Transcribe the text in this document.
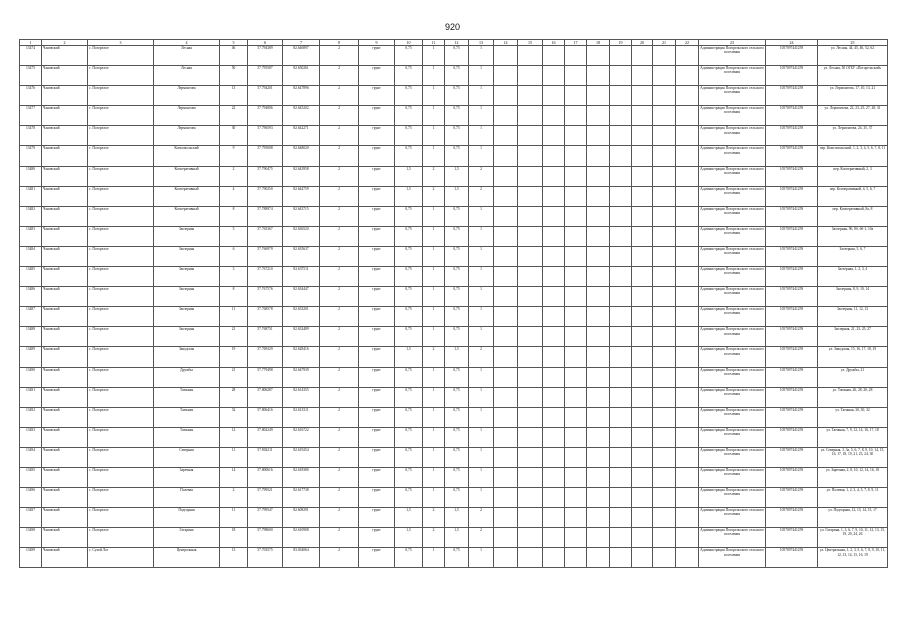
920
1	2	3	4	5	6	7	8	9	10	11	12	13	14	15	16	17	18	19	20	21	22	23	24	25
13474	Чановский	с. Погорелое	Лесная	46	57.794389	82.646897	2	грунт	0,75	1	0,75	1										Администрация Погорельского сельского поселения	1057097441259	ул. Лесная, 44, 45, 46, 52, 62
13475	Чановский	с. Погорелое	Лесная	50	57.795587	82.650261	2	грунт	0,75	1	0,75	1										Администрация Погорельского сельского поселения	1057097441259	ул. Лесная, 50 ОГБУ «Погорельский»
13476	Чановский	с. Погорелое	Лермонтова	13	57.794201	82.647896	2	грунт	0,75	1	0,75	1										Администрация Погорельского сельского поселения	1057097441259	ул. Лермонтова, 17, 10, 13, 21
13477	Чановский	с. Погорелое	Лермонтова	22	57.794806	82.645202	2	грунт	0,75	1	0,75	1										Администрация Погорельского сельского поселения	1057097441259	ул. Лермонтова, 22, 23, 25, 27, 28, 31
13478	Чановский	с. Погорелое	Лермонтова	30	57.796593	82.642271	2	грунт	0,75	1	0,75	1										Администрация Погорельского сельского поселения	1057097441259	ул. Лермонтова, 24, 35, 37
13479	Чановский	с. Погорелое	Комсомольский	9	57.795008	82.648020	2	грунт	0,75	1	0,75	1										Администрация Погорельского сельского поселения	1057097441259	пер. Комсомольский, 1, 2, 3, 4, 5, 6, 7, 8, 11
13480	Чановский	с. Погорелое	Кооперативный	2	57.790475	82.643958	2	грунт	1,5	2	1,5	2										Администрация Погорельского сельского поселения	1057097441259	пер. Кооперативный, 2, 3
13481	Чановский	с. Погорелое	Кооперативный	4	57.790250	82.644759	2	грунт	1,5	2	1,5	2										Администрация Погорельского сельского поселения	1057097441259	пер. Кооперативный, 4, 5, 6, 7
13482	Чановский	с. Погорелое	Кооперативный	8	57.788974	82.643715	2	грунт	0,75	1	0,75	1										Администрация Погорельского сельского поселения	1057097441259	пер. Кооперативный, 8а, 8
13483	Чановский	с. Погорелое	Заозерная	5	57.765367	82.636520	2	грунт	0,75	1	0,75	1										Администрация Погорельского сельского поселения	1057097441259	Заозерная, 9б, 8б, 6б-1, 10а
13484	Чановский	с. Погорелое	Заозерная	6	57.766979	82.635637	2	грунт	0,75	1	0,75	1										Администрация Погорельского сельского поселения	1057097441259	Заозерная, 5, 6, 7
13485	Чановский	с. Погорелое	Заозерная	3	57.767210	82.637511	2	грунт	0,75	1	0,75	1										Администрация Погорельского сельского поселения	1057097441259	Заозерная, 1, 2, 3, 4
13486	Чановский	с. Погорелое	Заозерная	8	57.767576	82.634447	2	грунт	0,75	1	0,75	1										Администрация Погорельского сельского поселения	1057097441259	Заозерная, 8, 9, 10, 14
13487	Чановский	с. Погорелое	Заозерная	11	57.768578	82.633201	2	грунт	0,75	1	0,75	1										Администрация Погорельского сельского поселения	1057097441259	Заозерная, 11, 12, 13
13488	Чановский	с. Погорелое	Заозерная	21	57.768751	82.632489	2	грунт	0,75	1	0,75	1										Администрация Погорельского сельского поселения	1057097441259	Заозерная, 21, 23, 25, 27
13489	Чановский	с. Погорелое	Заводская	19	57.769329	82.628416	2	грунт	1,5	2	1,5	2										Администрация Погорельского сельского поселения	1057097441259	ул. Заводская, 15, 16, 17, 18, 19
13490	Чановский	с. Погорелое	Дружбы	21	57.779498	82.647939	2	грунт	0,75	1	0,75	1										Администрация Погорельского сельского поселения	1057097441259	ул. Дружбы, 21
13491	Чановский	с. Погорелое	Таежная	28	57.806287	82.614355	2	грунт	0,75	1	0,75	1										Администрация Погорельского сельского поселения	1057097441259	ул. Таежная, 26, 28, 20, 28
13492	Чановский	с. Погорелое	Таежная	32	57.806416	82.613311	2	грунт	0,75	1	0,75	1										Администрация Погорельского сельского поселения	1057097441259	ул. Таежная, 30, 30, 32
13493	Чановский	с. Погорелое	Таежная	12	57.802249	82.616722	2	грунт	0,75	1	0,75	1										Администрация Погорельского сельского поселения	1057097441259	ул. Таежная, 7, 9, 12, 14, 16, 17, 18
13494	Чановский	с. Погорелое	Северная	11	57.802211	82.619254	2	грунт	0,75	1	0,75	1										Администрация Погорельского сельского поселения	1057097441259	ул. Северная, 3, 3а, 5, 6, 7, 8, 9, 10, 14, 15, 16, 17, 18, 19, 21, 23, 24, 30
13495	Чановский	с. Погорелое	Заречная	14	57.800616	82.618380	2	грунт	0,75	1	0,75	1										Администрация Погорельского сельского поселения	1057097441259	ул. Заречная, 2, 8, 10, 12, 14, 16, 18
13496	Чановский	с. Погорелое	Полевая	2	57.799521	82.617738	2	грунт	0,75	1	0,75	1										Администрация Погорельского сельского поселения	1057097441259	ул. Полевая, 1, 2, 3, 4, 5, 7, 8, 9, 11
13497	Чановский	с. Погорелое	Подгорная	11	57.799547	82.608291	2	грунт	1,5	2	1,5	2										Администрация Погорельского сельского поселения	1057097441259	ул. Подгорная, 12, 13, 14, 15, 17
13498	Чановский	с. Погорелое	Гагарина	18	57.798600	82.610908	2	грунт	1,5	2	1,5	2										Администрация Погорельского сельского поселения	1057097441259	ул. Гагарина, 1, 3, 6, 7, 9, 10, 11, 12, 13, 15, 19, 20, 24, 26
13499	Чановский	с. Сухой Лог	Центральная	13	57.703575	83.034064	2	грунт	0,75	1	0,75	1										Администрация Погорельского сельского поселения	1057097441259	ул. Центральная, 1, 2, 3, 5, 6, 7, 8, 9, 10, 11, 12, 13, 14, 15, 16, 19
